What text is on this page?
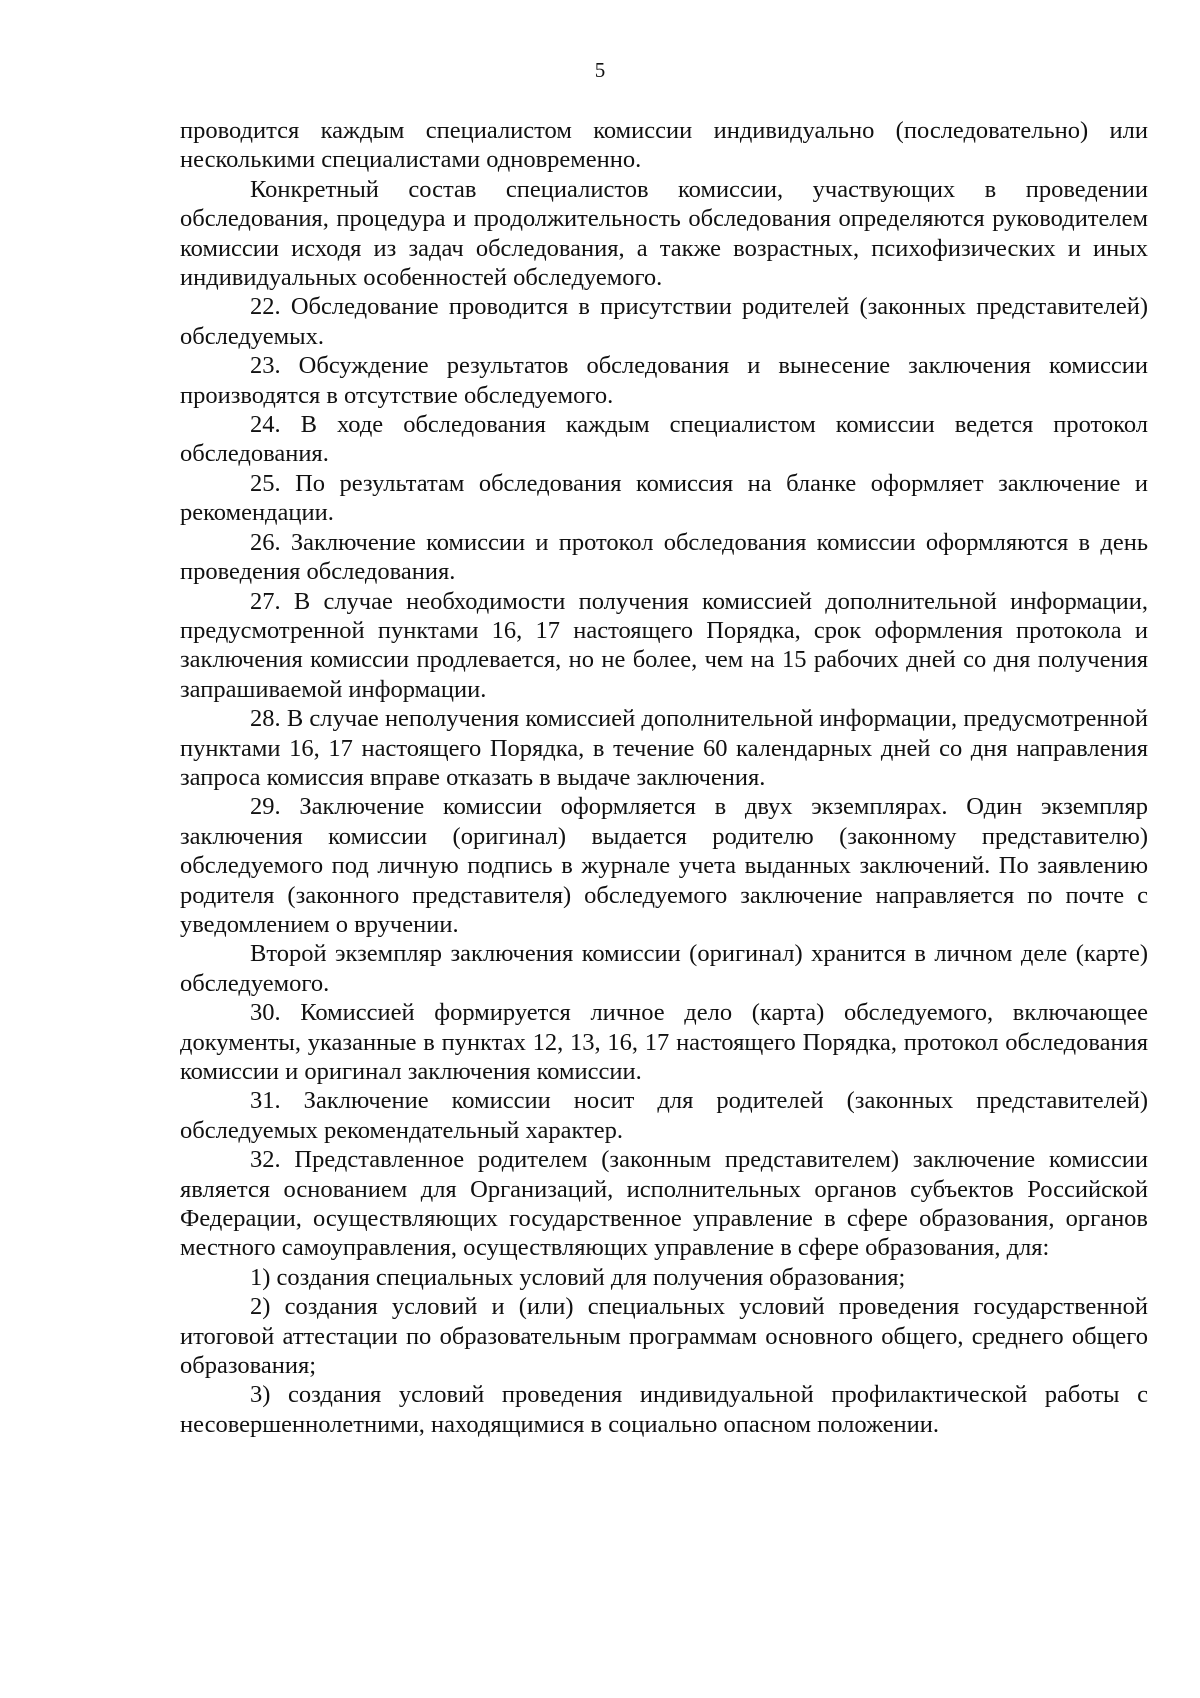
5

проводится каждым специалистом комиссии индивидуально (последовательно) или несколькими специалистами одновременно.

Конкретный состав специалистов комиссии, участвующих в проведении обследования, процедура и продолжительность обследования определяются руководителем комиссии исходя из задач обследования, а также возрастных, психофизических и иных индивидуальных особенностей обследуемого.

22. Обследование проводится в присутствии родителей (законных представителей) обследуемых.

23. Обсуждение результатов обследования и вынесение заключения комиссии производятся в отсутствие обследуемого.

24. В ходе обследования каждым специалистом комиссии ведется протокол обследования.

25. По результатам обследования комиссия на бланке оформляет заключение и рекомендации.

26. Заключение комиссии и протокол обследования комиссии оформляются в день проведения обследования.

27. В случае необходимости получения комиссией дополнительной информации, предусмотренной пунктами 16, 17 настоящего Порядка, срок оформления протокола и заключения комиссии продлевается, но не более, чем на 15 рабочих дней со дня получения запрашиваемой информации.

28. В случае неполучения комиссией дополнительной информации, предусмотренной пунктами 16, 17 настоящего Порядка, в течение 60 календарных дней со дня направления запроса комиссия вправе отказать в выдаче заключения.

29. Заключение комиссии оформляется в двух экземплярах. Один экземпляр заключения комиссии (оригинал) выдается родителю (законному представителю) обследуемого под личную подпись в журнале учета выданных заключений. По заявлению родителя (законного представителя) обследуемого заключение направляется по почте с уведомлением о вручении.

Второй экземпляр заключения комиссии (оригинал) хранится в личном деле (карте) обследуемого.

30. Комиссией формируется личное дело (карта) обследуемого, включающее документы, указанные в пунктах 12, 13, 16, 17 настоящего Порядка, протокол обследования комиссии и оригинал заключения комиссии.

31. Заключение комиссии носит для родителей (законных представителей) обследуемых рекомендательный характер.

32. Представленное родителем (законным представителем) заключение комиссии является основанием для Организаций, исполнительных органов субъектов Российской Федерации, осуществляющих государственное управление в сфере образования, органов местного самоуправления, осуществляющих управление в сфере образования, для:

1) создания специальных условий для получения образования;

2) создания условий и (или) специальных условий проведения государственной итоговой аттестации по образовательным программам основного общего, среднего общего образования;

3) создания условий проведения индивидуальной профилактической работы с несовершеннолетними, находящимися в социально опасном положении.
